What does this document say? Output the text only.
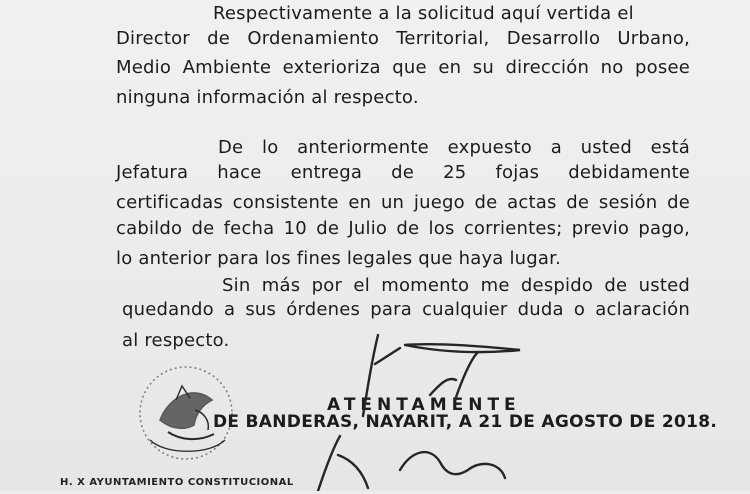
Respectivamente a la solicitud aquí vertida el
Director de Ordenamiento Territorial, Desarrollo Urbano,
Medio Ambiente exterioriza que en su dirección no posee
ninguna información al respecto.
De lo anteriormente expuesto a usted está
Jefatura hace entrega de 25 fojas debidamente
certificadas consistente en un juego de actas de sesión de
cabildo de fecha 10 de Julio de los corrientes; previo pago,
lo anterior para los fines legales que haya lugar.
Sin más por el momento me despido de usted
quedando a sus órdenes para cualquier duda o aclaración
al respecto.
ATENTAMENTE
DE BANDERAS, NAYARIT, A 21 DE AGOSTO DE 2018.
H. X AYUNTAMIENTO CONSTITUCIONAL
